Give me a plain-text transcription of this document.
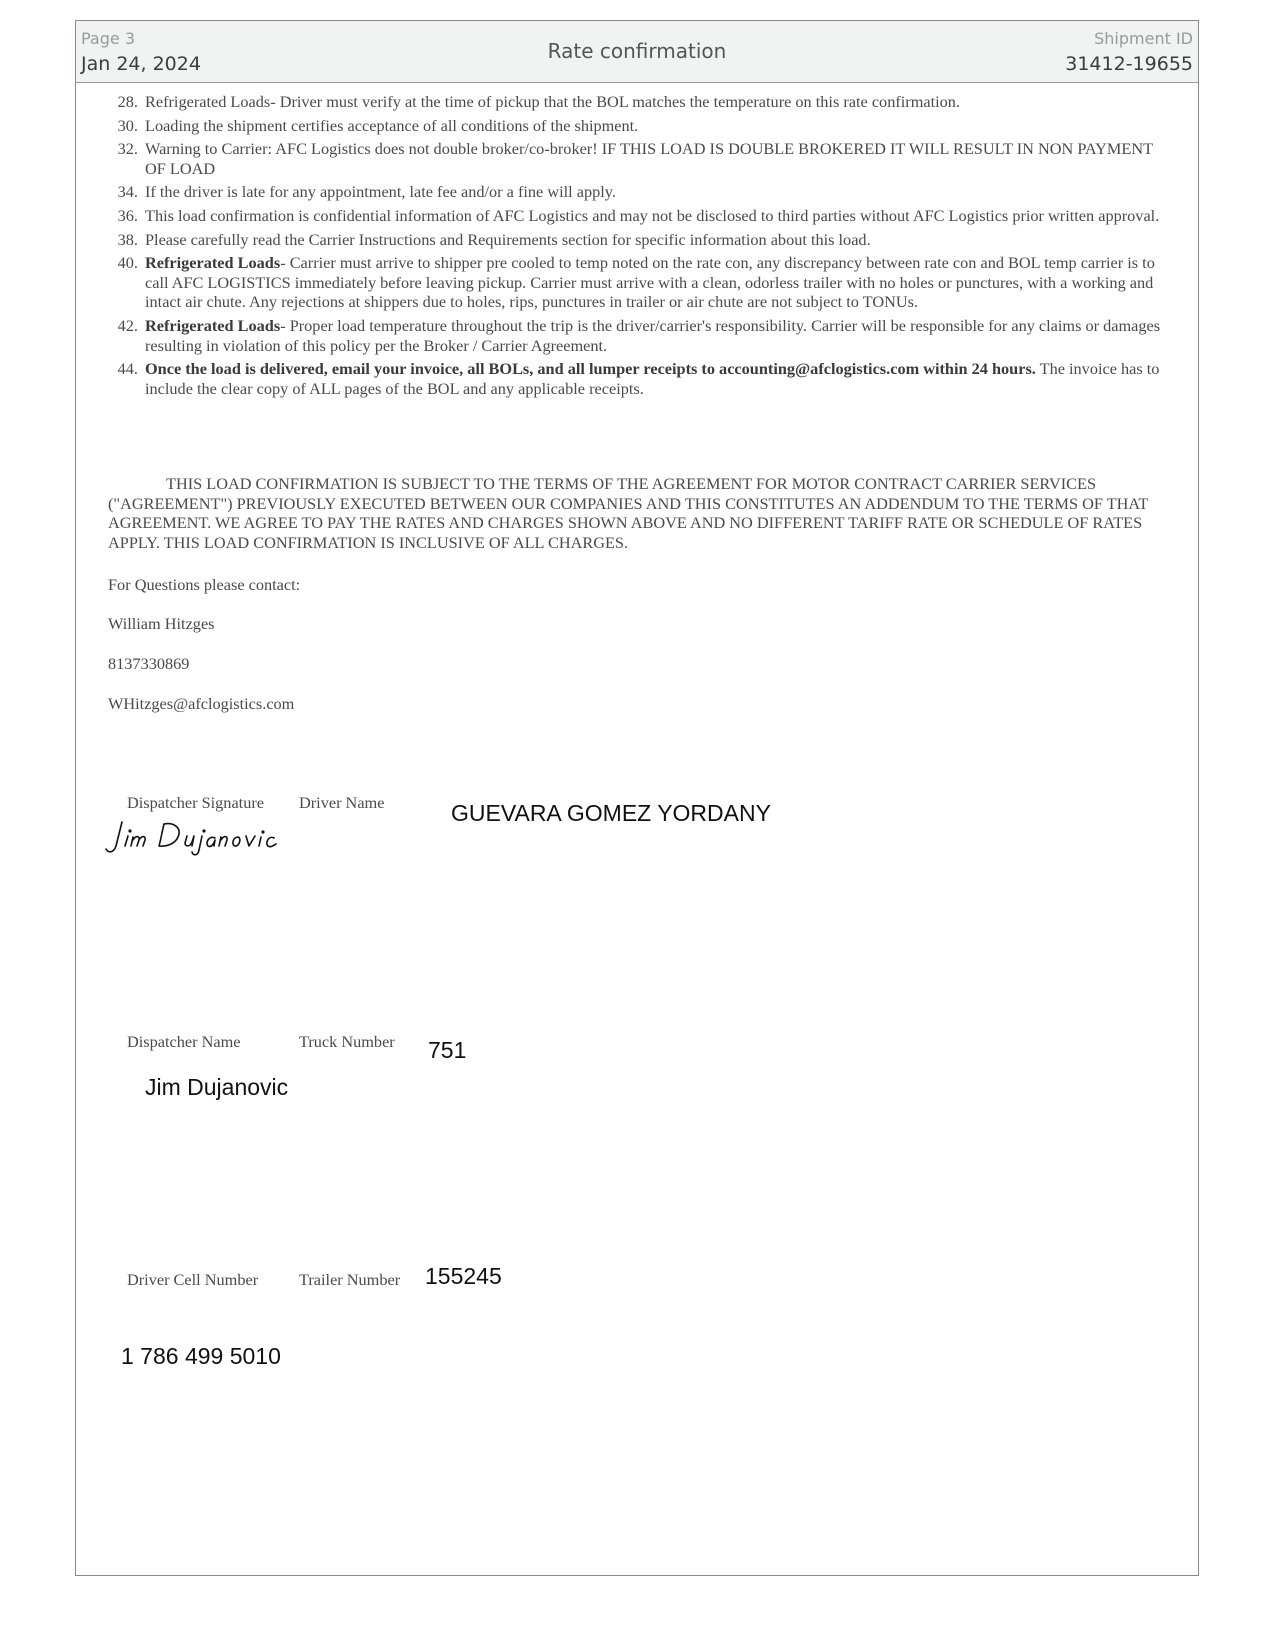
Page 3
Jan 24, 2024
Rate confirmation
Shipment ID
31412-19655
28. Refrigerated Loads- Driver must verify at the time of pickup that the BOL matches the temperature on this rate confirmation.
30. Loading the shipment certifies acceptance of all conditions of the shipment.
32. Warning to Carrier: AFC Logistics does not double broker/co-broker! IF THIS LOAD IS DOUBLE BROKERED IT WILL RESULT IN NON PAYMENT OF LOAD
34. If the driver is late for any appointment, late fee and/or a fine will apply.
36. This load confirmation is confidential information of AFC Logistics and may not be disclosed to third parties without AFC Logistics prior written approval.
38. Please carefully read the Carrier Instructions and Requirements section for specific information about this load.
40. Refrigerated Loads- Carrier must arrive to shipper pre cooled to temp noted on the rate con, any discrepancy between rate con and BOL temp carrier is to call AFC LOGISTICS immediately before leaving pickup. Carrier must arrive with a clean, odorless trailer with no holes or punctures, with a working and intact air chute. Any rejections at shippers due to holes, rips, punctures in trailer or air chute are not subject to TONUs.
42. Refrigerated Loads- Proper load temperature throughout the trip is the driver/carrier's responsibility. Carrier will be responsible for any claims or damages resulting in violation of this policy per the Broker / Carrier Agreement.
44. Once the load is delivered, email your invoice, all BOLs, and all lumper receipts to accounting@afclogistics.com within 24 hours. The invoice has to include the clear copy of ALL pages of the BOL and any applicable receipts.

THIS LOAD CONFIRMATION IS SUBJECT TO THE TERMS OF THE AGREEMENT FOR MOTOR CONTRACT CARRIER SERVICES ("AGREEMENT") PREVIOUSLY EXECUTED BETWEEN OUR COMPANIES AND THIS CONSTITUTES AN ADDENDUM TO THE TERMS OF THAT AGREEMENT. WE AGREE TO PAY THE RATES AND CHARGES SHOWN ABOVE AND NO DIFFERENT TARIFF RATE OR SCHEDULE OF RATES APPLY. THIS LOAD CONFIRMATION IS INCLUSIVE OF ALL CHARGES.

For Questions please contact:

William Hitzges

8137330869

WHitzges@afclogistics.com

Dispatcher Signature Driver Name	GUEVARA GOMEZ YORDANY
Dispatcher Name	Truck Number 751
Jim Dujanovic
Driver Cell Number	Trailer Number 155245
1 786 499 5010
